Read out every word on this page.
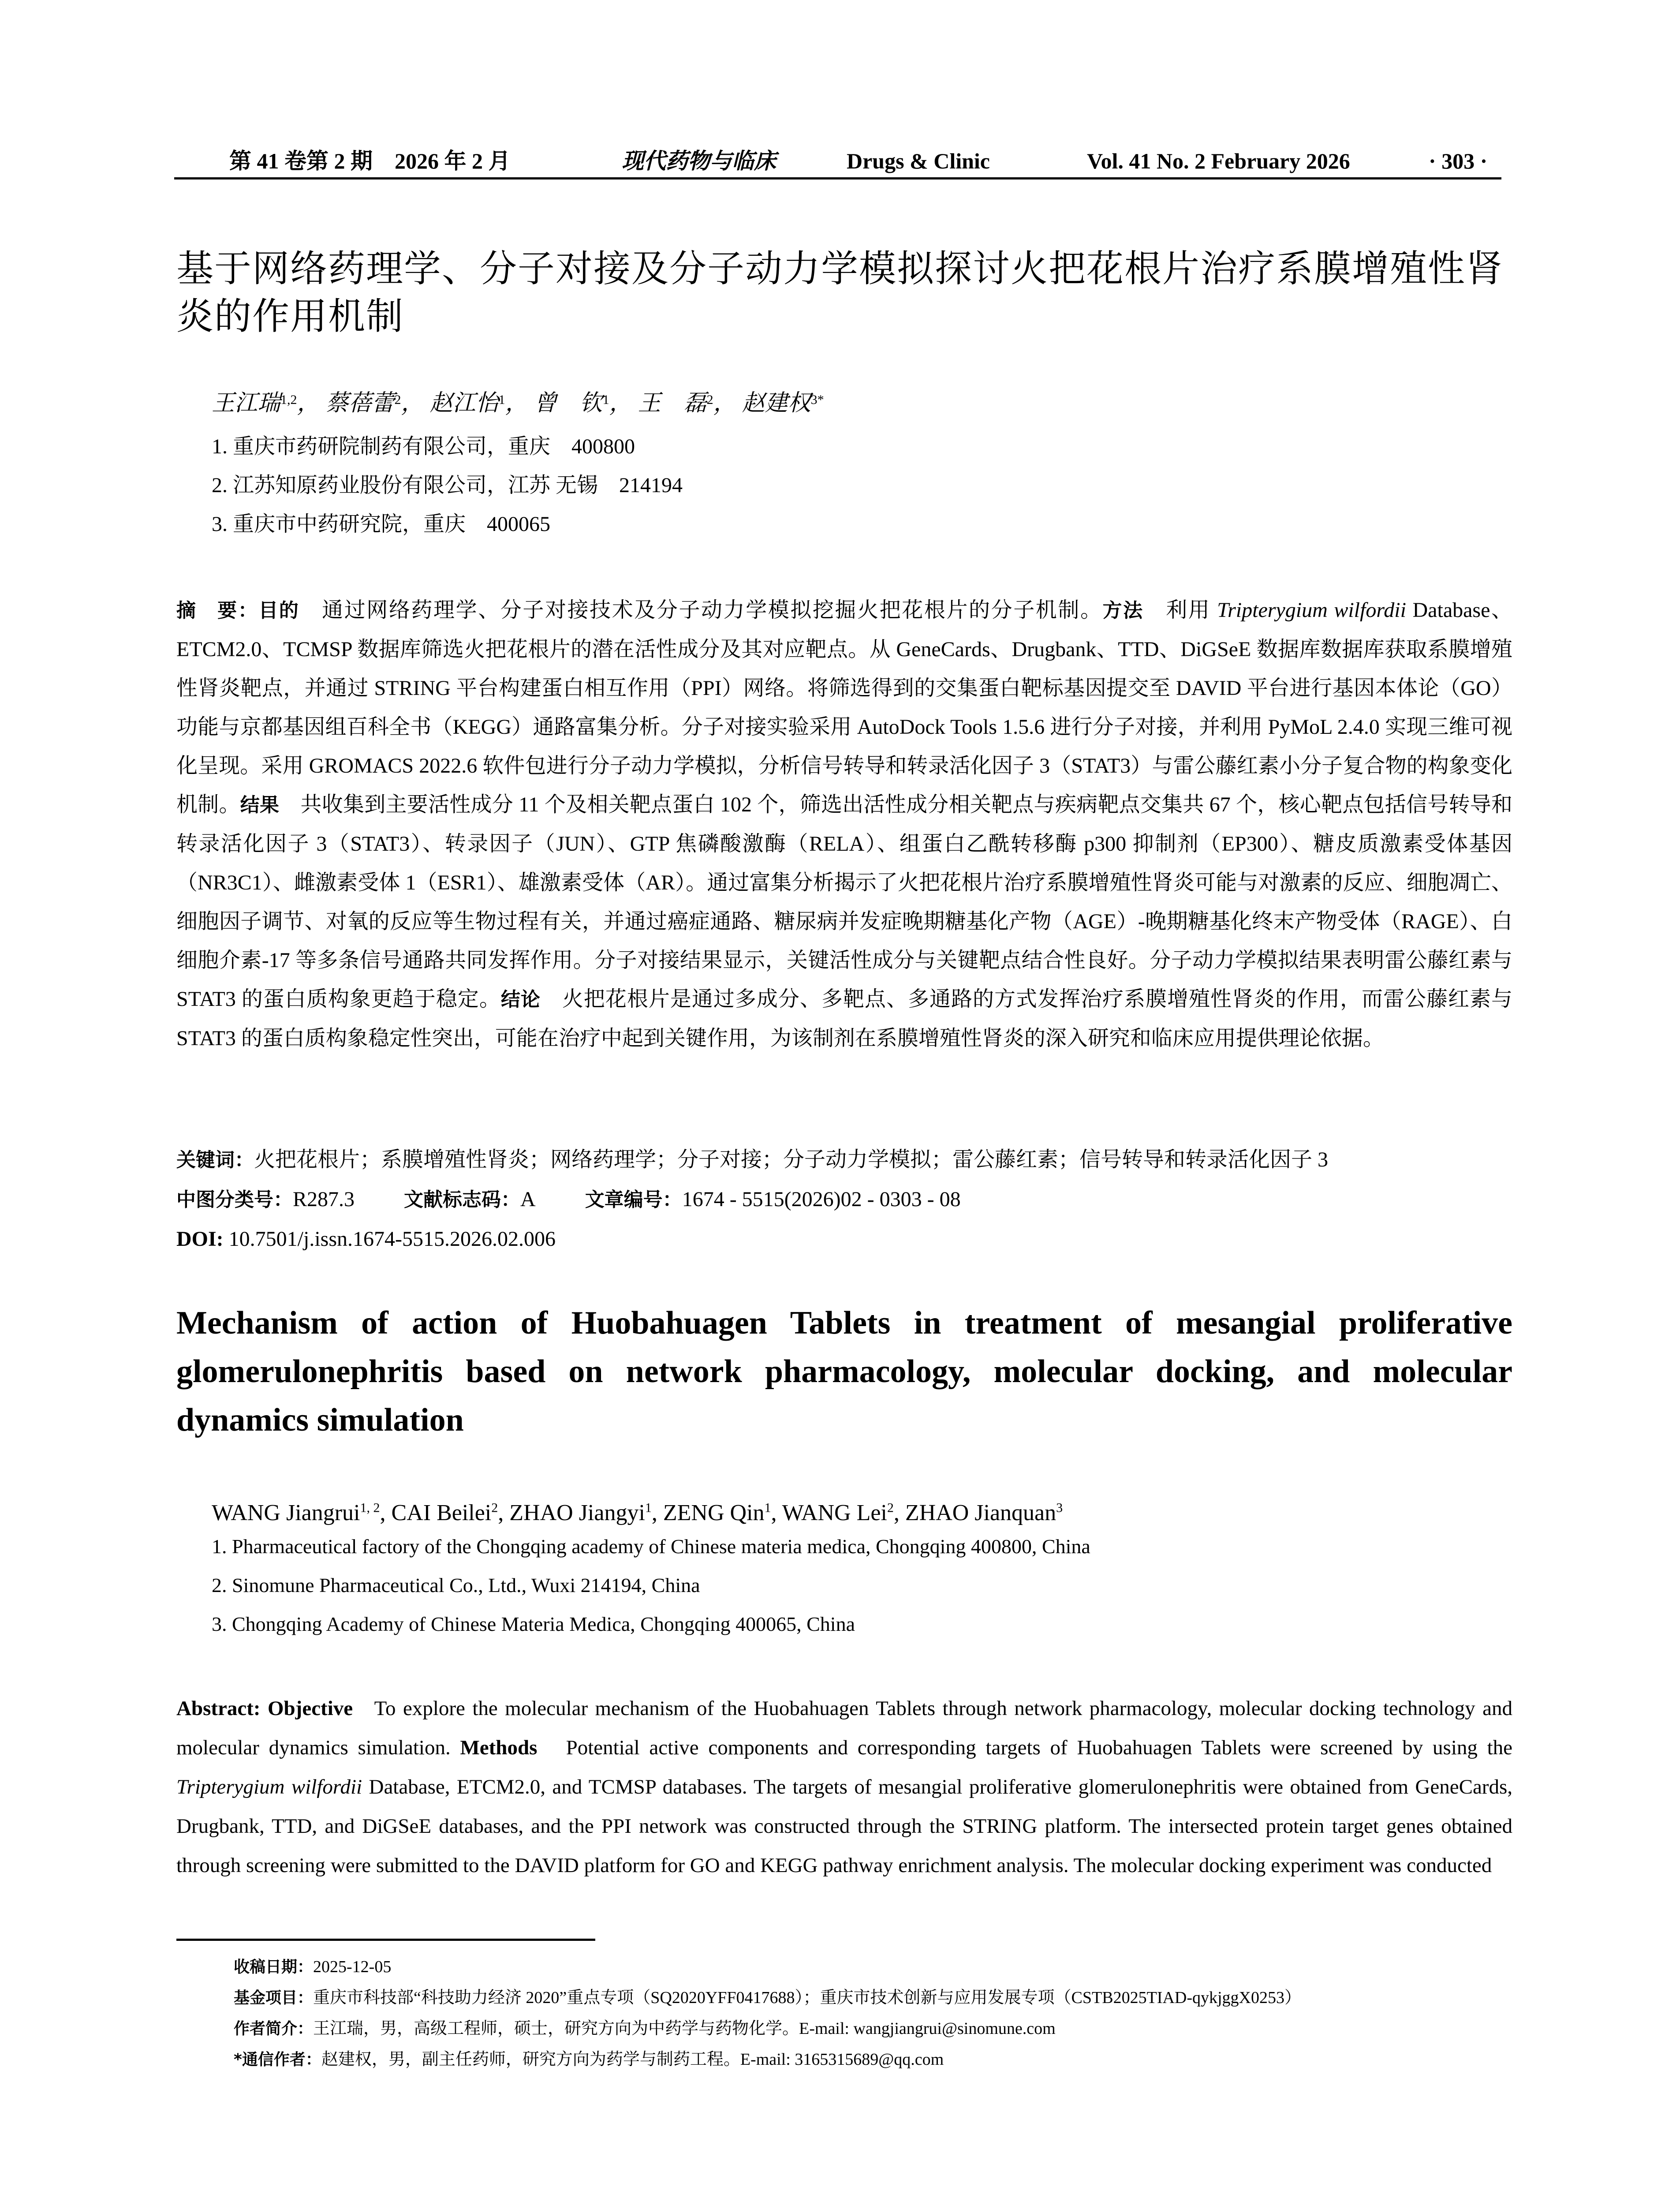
第 41 卷第 2 期　2026 年 2 月	现代药物与临床	Drugs & Clinic	Vol. 41 No. 2 February 2026	· 303 ·
基于网络药理学、分子对接及分子动力学模拟探讨火把花根片治疗系膜增殖性肾炎的作用机制
王江瑞$^{1,2}$， 蔡蓓蕾$^2$， 赵江怡$^1$， 曾　钦$^1$， 王　磊$^2$， 赵建权$^{3*}$
1. 重庆市药研院制药有限公司，重庆　400800
2. 江苏知原药业股份有限公司，江苏 无锡　214194
3. 重庆市中药研究院，重庆　400065
摘　要：目的　 通过网络药理学、分子对接技术及分子动力学模拟挖掘火把花根片的分子机制。方法　 利用 Tripterygium wilfordii Database、ETCM2.0、TCMSP 数据库筛选火把花根片的潜在活性成分及其对应靶点。从 GeneCards、Drugbank、TTD、DiGSeE 数据库数据库获取系膜增殖性肾炎靶点，并通过 STRING 平台构建蛋白相互作用（PPI）网络。将筛选得到的交集蛋白靶标基因提交至 DAVID 平台进行基因本体论（GO）功能与京都基因组百科全书（KEGG）通路富集分析。分子对接实验采用 AutoDock Tools 1.5.6 进行分子对接，并利用 PyMoL 2.4.0 实现三维可视化呈现。采用 GROMACS 2022.6 软件包进行分子动力学模拟，分析信号转导和转录活化因子 3（STAT3）与雷公藤红素小分子复合物的构象变化机制。结果　 共收集到主要活性成分 11 个及相关靶点蛋白 102 个，筛选出活性成分相关靶点与疾病靶点交集共 67 个，核心靶点包括信号转导和转录活化因子 3（STAT3）、转录因子（JUN）、GTP 焦磷酸激酶（RELA）、组蛋白乙酰转移酶 p300 抑制剂（EP300）、糖皮质激素受体基因（NR3C1）、雌激素受体 1（ESR1）、雄激素受体（AR）。通过富集分析揭示了火把花根片治疗系膜增殖性肾炎可能与对激素的反应、细胞凋亡、细胞因子调节、对氧的反应等生物过程有关，并通过癌症通路、糖尿病并发症晚期糖基化产物（AGE）-晚期糖基化终末产物受体（RAGE）、白细胞介素-17 等多条信号通路共同发挥作用。分子对接结果显示，关键活性成分与关键靶点结合性良好。分子动力学模拟结果表明雷公藤红素与 STAT3 的蛋白质构象更趋于稳定。结论　 火把花根片是通过多成分、多靶点、多通路的方式发挥治疗系膜增殖性肾炎的作用，而雷公藤红素与 STAT3 的蛋白质构象稳定性突出，可能在治疗中起到关键作用，为该制剂在系膜增殖性肾炎的深入研究和临床应用提供理论依据。
关键词：火把花根片；系膜增殖性肾炎；网络药理学；分子对接；分子动力学模拟；雷公藤红素；信号转导和转录活化因子 3
中图分类号：R287.3	文献标志码：A	文章编号：1674 - 5515(2026)02 - 0303 - 08
DOI: 10.7501/j.issn.1674-5515.2026.02.006
Mechanism of action of Huobahuagen Tablets in treatment of mesangial proliferative glomerulonephritis based on network pharmacology, molecular docking, and molecular dynamics simulation
WANG Jiangrui$^{1, 2}$, CAI Beilei$^2$, ZHAO Jiangyi$^1$, ZENG Qin$^1$, WANG Lei$^2$, ZHAO Jianquan$^3$
1. Pharmaceutical factory of the Chongqing academy of Chinese materia medica, Chongqing 400800, China
2. Sinomune Pharmaceutical Co., Ltd., Wuxi 214194, China
3. Chongqing Academy of Chinese Materia Medica, Chongqing 400065, China
Abstract: Objective To explore the molecular mechanism of the Huobahuagen Tablets through network pharmacology, molecular docking technology and molecular dynamics simulation. Methods Potential active components and corresponding targets of Huobahuagen Tablets were screened by using the Tripterygium wilfordii Database, ETCM2.0, and TCMSP databases. The targets of mesangial proliferative glomerulonephritis were obtained from GeneCards, Drugbank, TTD, and DiGSeE databases, and the PPI network was constructed through the STRING platform. The intersected protein target genes obtained through screening were submitted to the DAVID platform for GO and KEGG pathway enrichment analysis. The molecular docking experiment was conducted
收稿日期：2025-12-05
基金项目：重庆市科技部“科技助力经济 2020”重点专项（SQ2020YFF0417688）；重庆市技术创新与应用发展专项（CSTB2025TIAD-qykjggX0253）
作者简介：王江瑞，男，高级工程师，硕士，研究方向为中药学与药物化学。E-mail: wangjiangrui@sinomune.com
*通信作者：赵建权，男，副主任药师，研究方向为药学与制药工程。E-mail: 3165315689@qq.com
